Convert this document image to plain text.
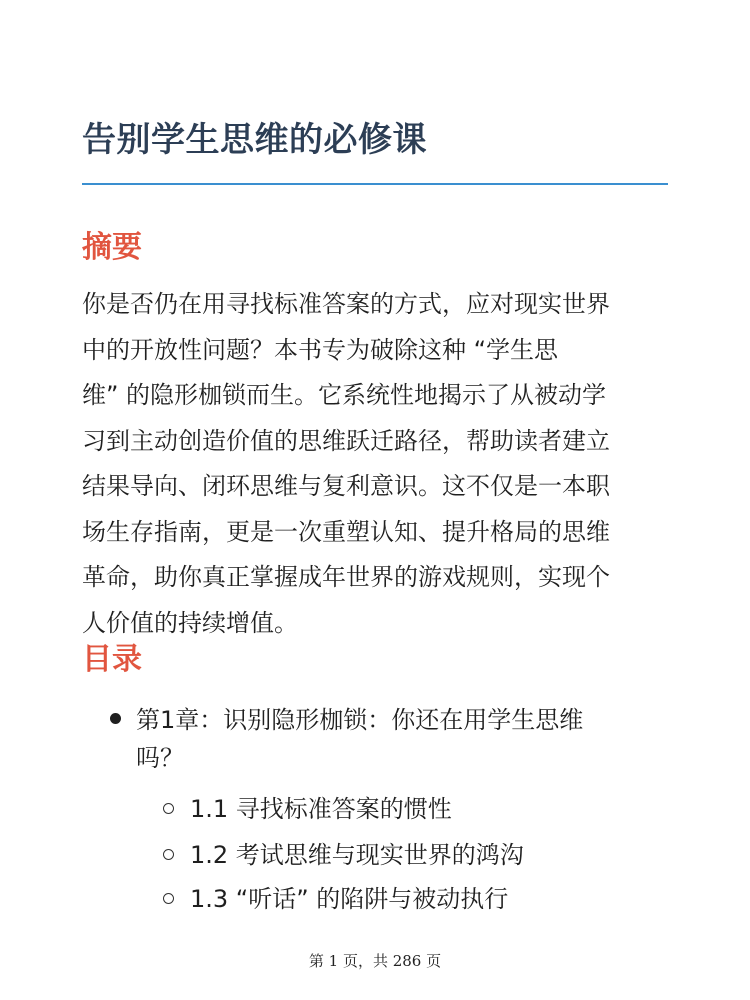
告别学生思维的必修课
摘要

你是否仍在用寻找标准答案的方式，应对现实世界
中的开放性问题？本书专为破除这种 “学生思
维” 的隐形枷锁而生。它系统性地揭示了从被动学
习到主动创造价值的思维跃迁路径，帮助读者建立
结果导向、闭环思维与复利意识。这不仅是一本职
场生存指南，更是一次重塑认知、提升格局的思维
革命，助你真正掌握成年世界的游戏规则，实现个
人价值的持续增值。

目录
第1章：识别隐形枷锁：你还在用学生思维
吗？
1.1 寻找标准答案的惯性
1.2 考试思维与现实世界的鸿沟
1.3 “听话” 的陷阱与被动执行
第 1 页，共 286 页
